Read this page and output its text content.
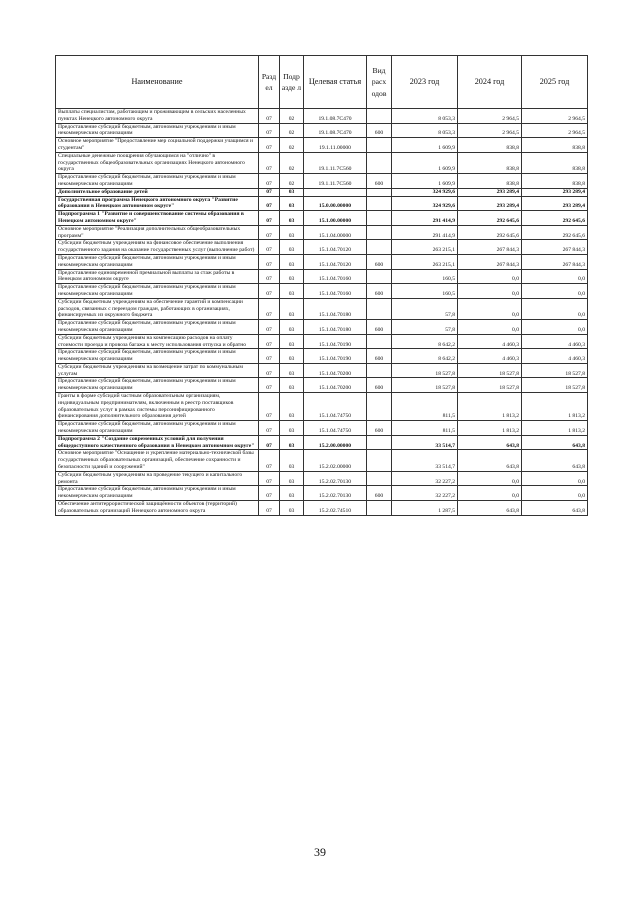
Наименование	Разд ел	Подр азде л	Целевая статья	Вид расх одов	2023 год	2024 год	2025 год
Выплаты специалистам, работающим и проживающим в сельских населенных пунктах Ненецкого автономного округа	07	02	19.1.08.7С470		8 053,3	2 964,5	2 964,5
Предоставление субсидий бюджетным, автономным учреждениям и иным некоммерческим организациям	07	02	19.1.08.7С470	600	8 053,3	2 964,5	2 964,5
Основное мероприятие "Предоставление мер социальной поддержки учащимся и студентам"	07	02	19.1.11.00000		1 609,9	838,8	838,8
Специальные денежные поощрения обучающимся на "отлично" в государственных общеобразовательных организациях Ненецкого автономного округа	07	02	19.1.11.7С560		1 609,9	838,8	838,8
Предоставление субсидий бюджетным, автономным учреждениям и иным некоммерческим организациям	07	02	19.1.11.7С560	600	1 609,9	838,8	838,8
Дополнительное образование детей	07	03			324 929,6	293 289,4	293 289,4
Государственная программа Ненецкого автономного округа "Развитие образования в Ненецком автономном округе"	07	03	15.0.00.00000		324 929,6	293 289,4	293 289,4
Подпрограмма 1 "Развитие и совершенствование системы образования в Ненецком автономном округе"	07	03	15.1.00.00000		291 414,9	292 645,6	292 645,6
Основное мероприятие "Реализация дополнительных общеобразовательных программ"	07	03	15.1.04.00000		291 414,9	292 645,6	292 645,6
Субсидии бюджетным учреждениям на финансовое обеспечение выполнения государственного задания на оказание государственных услуг (выполнение работ)	07	03	15.1.04.70120		263 215,1	267 844,3	267 844,3
Предоставление субсидий бюджетным, автономным учреждениям и иным некоммерческим организациям	07	03	15.1.04.70120	600	263 215,1	267 844,3	267 844,3
Предоставление единовременной премиальной выплаты за стаж работы в Ненецком автономном округе	07	03	15.1.04.70160		160,5	0,0	0,0
Предоставление субсидий бюджетным, автономным учреждениям и иным некоммерческим организациям	07	03	15.1.04.70160	600	160,5	0,0	0,0
Субсидии бюджетным учреждениям на обеспечение гарантий и компенсации расходов, связанных с переездом граждан, работающих в организациях, финансируемых из окружного бюджета	07	03	15.1.04.70180		57,8	0,0	0,0
Предоставление субсидий бюджетным, автономным учреждениям и иным некоммерческим организациям	07	03	15.1.04.70180	600	57,8	0,0	0,0
Субсидии бюджетным учреждениям на компенсацию расходов на оплату стоимости проезда и провоза багажа к месту использования отпуска и обратно	07	03	15.1.04.70190		8 642,2	4 460,3	4 460,3
Предоставление субсидий бюджетным, автономным учреждениям и иным некоммерческим организациям	07	03	15.1.04.70190	600	8 642,2	4 460,3	4 460,3
Субсидии бюджетным учреждениям на возмещение затрат по коммунальным услугам	07	03	15.1.04.70200		18 527,8	18 527,8	18 527,8
Предоставление субсидий бюджетным, автономным учреждениям и иным некоммерческим организациям	07	03	15.1.04.70200	600	18 527,8	18 527,8	18 527,8
Гранты в форме субсидий частным образовательным организациям, индивидуальным предпринимателям, включенным в реестр поставщиков образовательных услуг в рамках системы персонифицированного финансирования дополнительного образования детей	07	03	15.1.04.74750		811,5	1 813,2	1 813,2
Предоставление субсидий бюджетным, автономным учреждениям и иным некоммерческим организациям	07	03	15.1.04.74750	600	811,5	1 813,2	1 813,2
Подпрограмма 2 "Создание современных условий для получения общедоступного качественного образования в Ненецком автономном округе"	07	03	15.2.00.00000		33 514,7	643,8	643,8
Основное мероприятие "Оснащение и укрепление материально-технической базы государственных образовательных организаций, обеспечение сохранности и безопасности зданий и сооружений"	07	03	15.2.02.00000		33 514,7	643,8	643,8
Субсидии бюджетным учреждениям на проведение текущего и капитального ремонта	07	03	15.2.02.70130		32 227,2	0,0	0,0
Предоставление субсидий бюджетным, автономным учреждениям и иным некоммерческим организациям	07	03	15.2.02.70130	600	32 227,2	0,0	0,0
Обеспечение антитеррористической защищённости объектов (территорий) образовательных организаций Ненецкого автономного округа	07	03	15.2.02.74510		1 287,5	643,8	643,8
39
